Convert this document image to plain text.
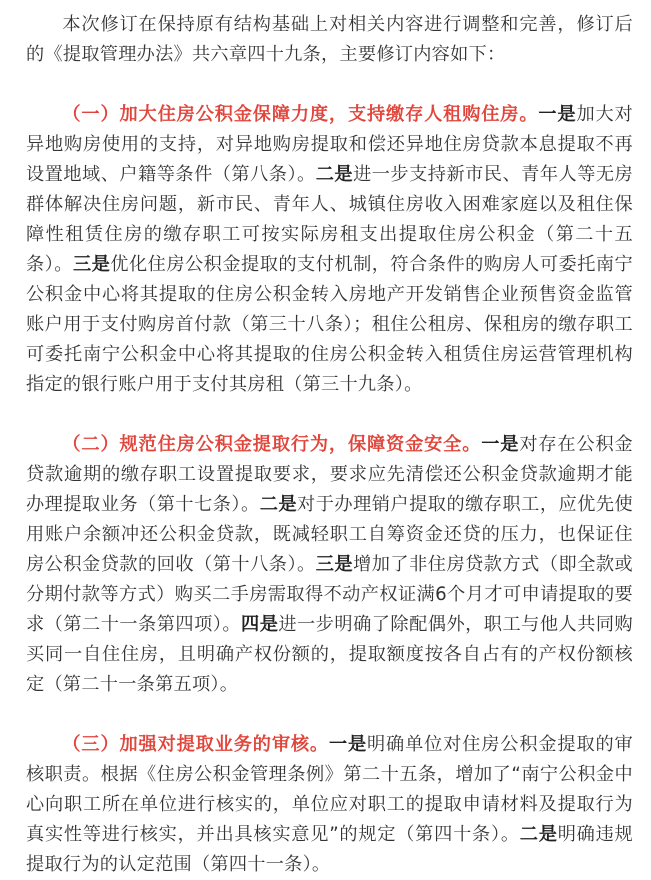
本次修订在保持原有结构基础上对相关内容进行调整和完善，修订后的《提取管理办法》共六章四十九条，主要修订内容如下：

（一）加大住房公积金保障力度，支持缴存人租购住房。一是加大对异地购房使用的支持，对异地购房提取和偿还异地住房贷款本息提取不再设置地域、户籍等条件（第八条）。二是进一步支持新市民、青年人等无房群体解决住房问题，新市民、青年人、城镇住房收入困难家庭以及租住保障性租赁住房的缴存职工可按实际房租支出提取住房公积金（第二十五条）。三是优化住房公积金提取的支付机制，符合条件的购房人可委托南宁公积金中心将其提取的住房公积金转入房地产开发销售企业预售资金监管账户用于支付购房首付款（第三十八条）；租住公租房、保租房的缴存职工可委托南宁公积金中心将其提取的住房公积金转入租赁住房运营管理机构指定的银行账户用于支付其房租（第三十九条）。

（二）规范住房公积金提取行为，保障资金安全。一是对存在公积金贷款逾期的缴存职工设置提取要求，要求应先清偿还公积金贷款逾期才能办理提取业务（第十七条）。二是对于办理销户提取的缴存职工，应优先使用账户余额冲还公积金贷款，既减轻职工自筹资金还贷的压力，也保证住房公积金贷款的回收（第十八条）。三是增加了非住房贷款方式（即全款或分期付款等方式）购买二手房需取得不动产权证满6个月才可申请提取的要求（第二十一条第四项）。四是进一步明确了除配偶外，职工与他人共同购买同一自住住房，且明确产权份额的，提取额度按各自占有的产权份额核定（第二十一条第五项）。

（三）加强对提取业务的审核。一是明确单位对住房公积金提取的审核职责。根据《住房公积金管理条例》第二十五条，增加了“南宁公积金中心向职工所在单位进行核实的，单位应对职工的提取申请材料及提取行为真实性等进行核实，并出具核实意见”的规定（第四十条）。二是明确违规提取行为的认定范围（第四十一条）。
